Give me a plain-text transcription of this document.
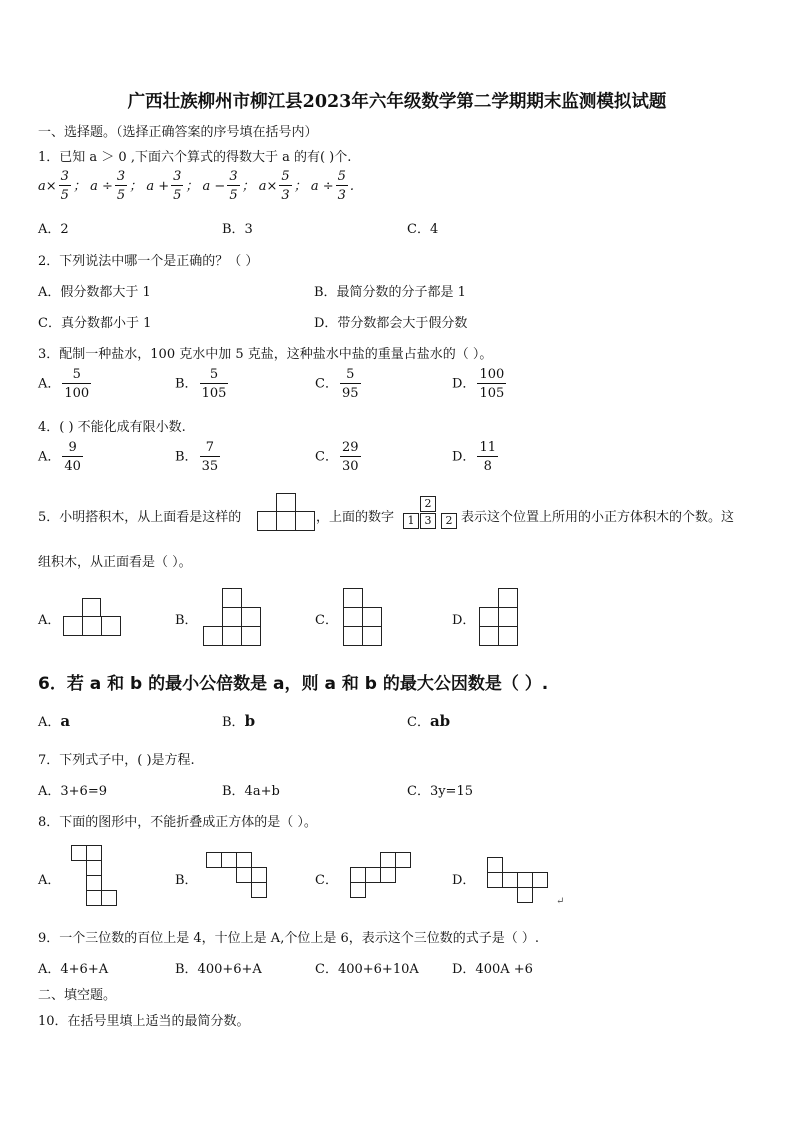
广西壮族柳州市柳江县2023年六年级数学第二学期期末监测模拟试题
一、选择题。（选择正确答案的序号填在括号内）
1．已知 a ＞ 0 ,下面六个算式的得数大于 a 的有( )个.
$a\times \frac{3}{5}$ ； $a \div \frac{3}{5}$ ； $a + \frac{3}{5}$ ； $a - \frac{3}{5}$ ； $a\times \frac{5}{3}$ ； $a \div \frac{5}{3}$ .
A．2	B．3	C．4
2．下列说法中哪一个是正确的？（ ）
A．假分数都大于 1	B．最简分数的分子都是 1
C．真分数都小于 1	D．带分数都会大于假分数
3．配制一种盐水，100 克水中加 5 克盐，这种盐水中盐的重量占盐水的（ ）。
A． $\frac{5}{100}$	B． $\frac{5}{105}$	C． $\frac{5}{95}$	D． $\frac{100}{105}$
4．( ) 不能化成有限小数.
A． $\frac{9}{40}$	B． $\frac{7}{35}$	C． $\frac{29}{30}$	D． $\frac{11}{8}$
5．小明搭积木，从上面看是这样的	，上面的数字
2
1 3	2 表示这个位置上所用的小正方体积木的个数。这
组积木，从正面看是（ ）。
A．	B．	C．	D．
6．若 a 和 b 的最小公倍数是 a，则 a 和 b 的最大公因数是（ ）.
A．a	B．b	C．ab
7．下列式子中，( )是方程.
A．3+6=9	B．4a+b	C．3y=15
8．下面的图形中，不能折叠成正方体的是（ ）。
A．	B．	C．	D．
↵
9．一个三位数的百位上是 4，十位上是 A,个位上是 6，表示这个三位数的式子是（ ）.
A．4+6+A	B．400+6+A	C．400+6+10A	D．400A +6
二、填空题。
10．在括号里填上适当的最简分数。
